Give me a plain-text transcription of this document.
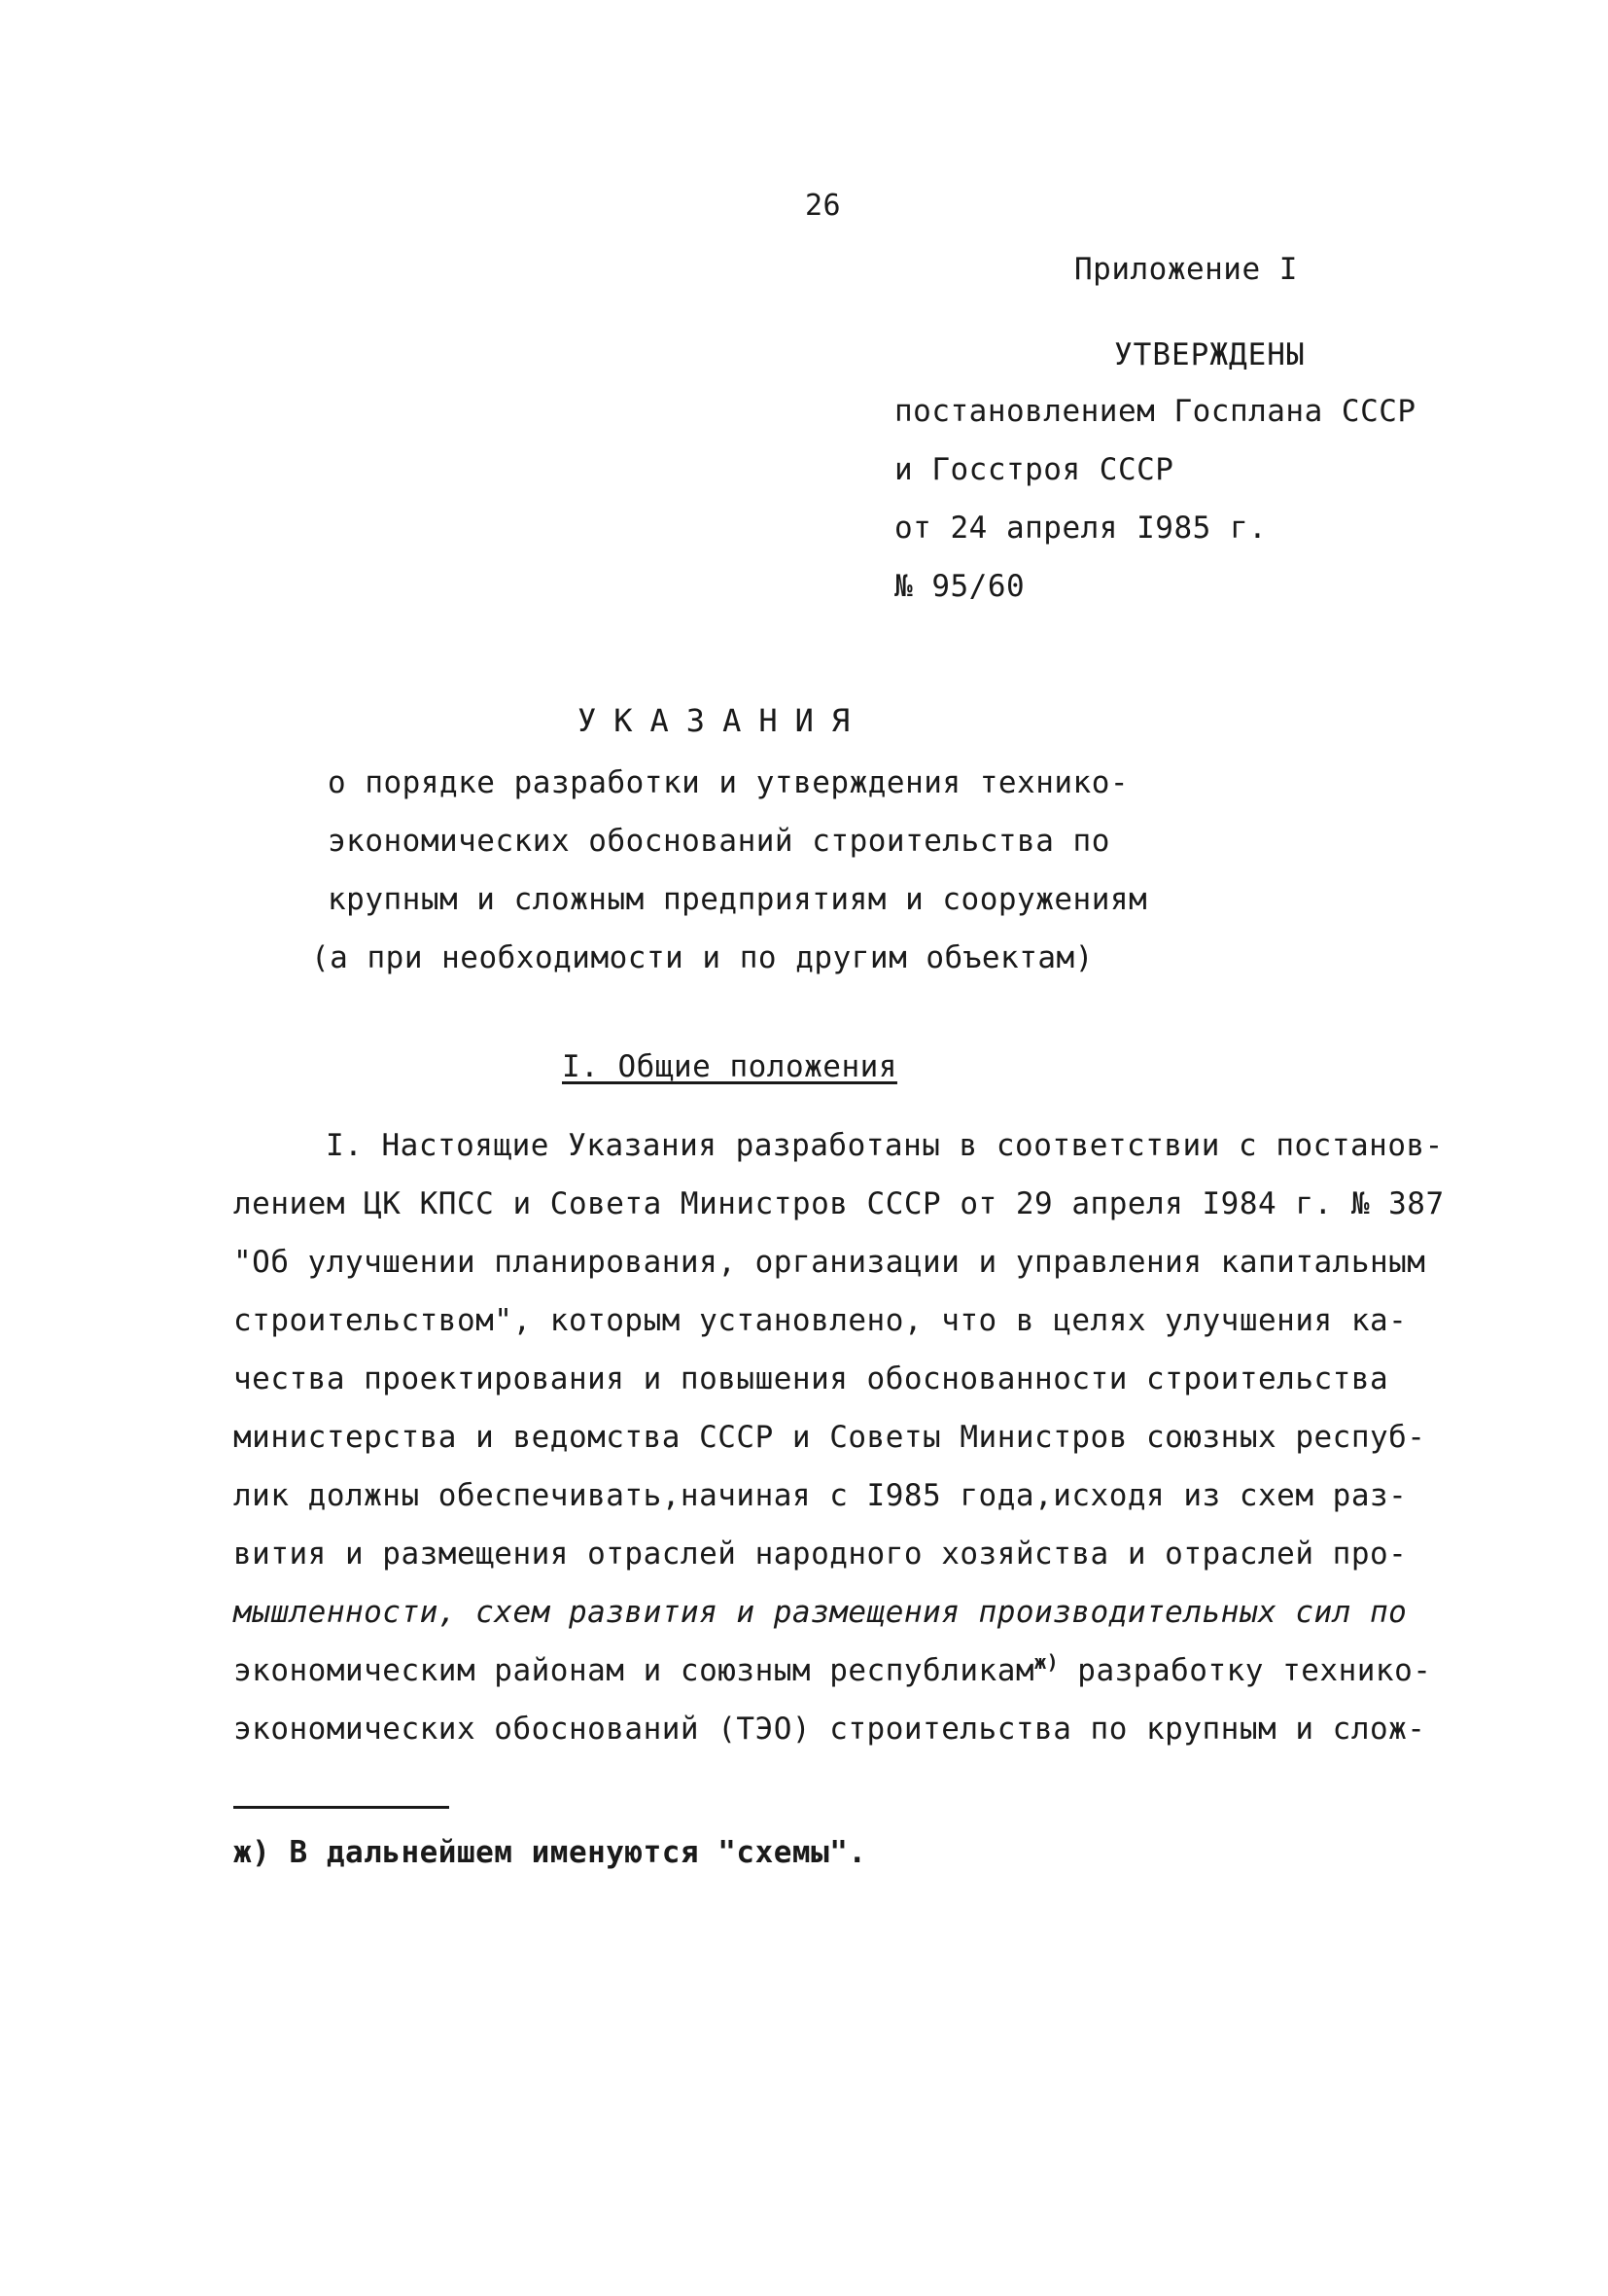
26
Приложение I
УТВЕРЖДЕНЫ
постановлением Госплана СССР
и Госстроя СССР
от 24 апреля I985 г.
№ 95/60
УКАЗАНИЯ
о порядке разработки и утверждения технико-
экономических обоснований строительства по
крупным и сложным предприятиям и сооружениям
(а при необходимости и по другим объектам)
I. Общие положения
I. Настоящие Указания разработаны в соответствии с постанов-
лением ЦК КПСС и Совета Министров СССР от 29 апреля I984 г. № 387
"Об улучшении планирования, организации и управления капитальным
строительством", которым установлено, что в целях улучшения ка-
чества проектирования и повышения обоснованности строительства
министерства и ведомства СССР и Советы Министров союзных респуб-
лик должны обеспечивать,начиная с I985 года,исходя из схем раз-
вития и размещения отраслей народного хозяйства и отраслей про-
мышленности, схем развития и размещения производительных сил по
экономическим районам и союзным республикам$^{ж)}$ разработку технико-
экономических обоснований (ТЭО) строительства по крупным и слож-
ж) В дальнейшем именуются "схемы".
